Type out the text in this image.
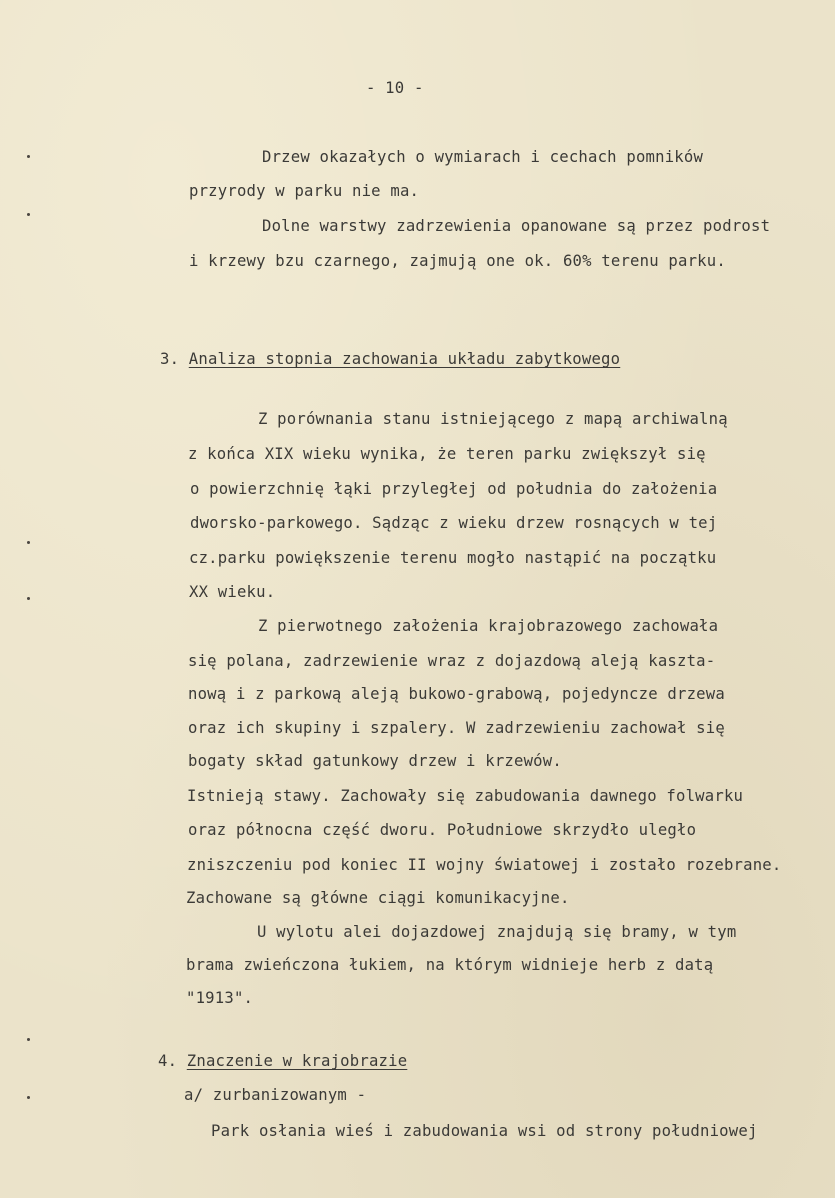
- 10 -
Drzew okazałych o wymiarach i cechach pomników
przyrody w parku nie ma.
Dolne warstwy zadrzewienia opanowane są przez podrost
i krzewy bzu czarnego, zajmują one ok. 60% terenu parku.
3. Analiza stopnia zachowania układu zabytkowego
Z porównania stanu istniejącego z mapą archiwalną
z końca XIX wieku wynika, że teren parku zwiększył się
o powierzchnię łąki przyległej od południa do założenia
dworsko-parkowego. Sądząc z wieku drzew rosnących w tej
cz.parku powiększenie terenu mogło nastąpić na początku
XX wieku.
Z pierwotnego założenia krajobrazowego zachowała
się polana, zadrzewienie wraz z dojazdową aleją kaszta-
nową i z parkową aleją bukowo-grabową, pojedyncze drzewa
oraz ich skupiny i szpalery. W zadrzewieniu zachował się
bogaty skład gatunkowy drzew i krzewów.
Istnieją stawy. Zachowały się zabudowania dawnego folwarku
oraz północna część dworu. Południowe skrzydło uległo
zniszczeniu pod koniec II wojny światowej i zostało rozebrane.
Zachowane są główne ciągi komunikacyjne.
U wylotu alei dojazdowej znajdują się bramy, w tym
brama zwieńczona łukiem, na którym widnieje herb z datą
"1913".
4. Znaczenie w krajobrazie
a/ zurbanizowanym -
Park osłania wieś i zabudowania wsi od strony południowej
